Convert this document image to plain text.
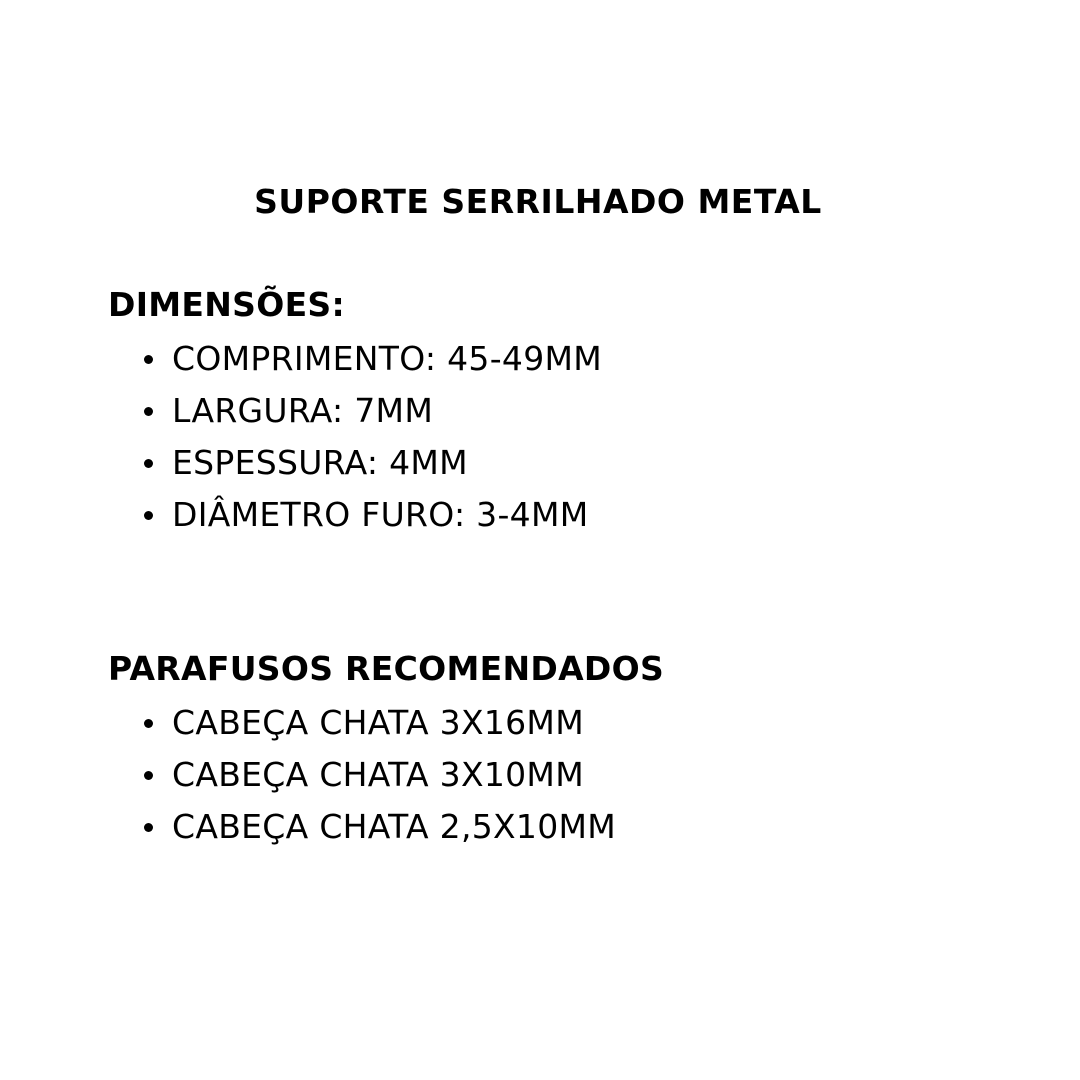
SUPORTE SERRILHADO METAL
DIMENSÕES:
COMPRIMENTO: 45-49MM
LARGURA: 7MM
ESPESSURA: 4MM
DIÂMETRO FURO: 3-4MM
PARAFUSOS RECOMENDADOS
CABEÇA CHATA 3X16MM
CABEÇA CHATA 3X10MM
CABEÇA CHATA 2,5X10MM
